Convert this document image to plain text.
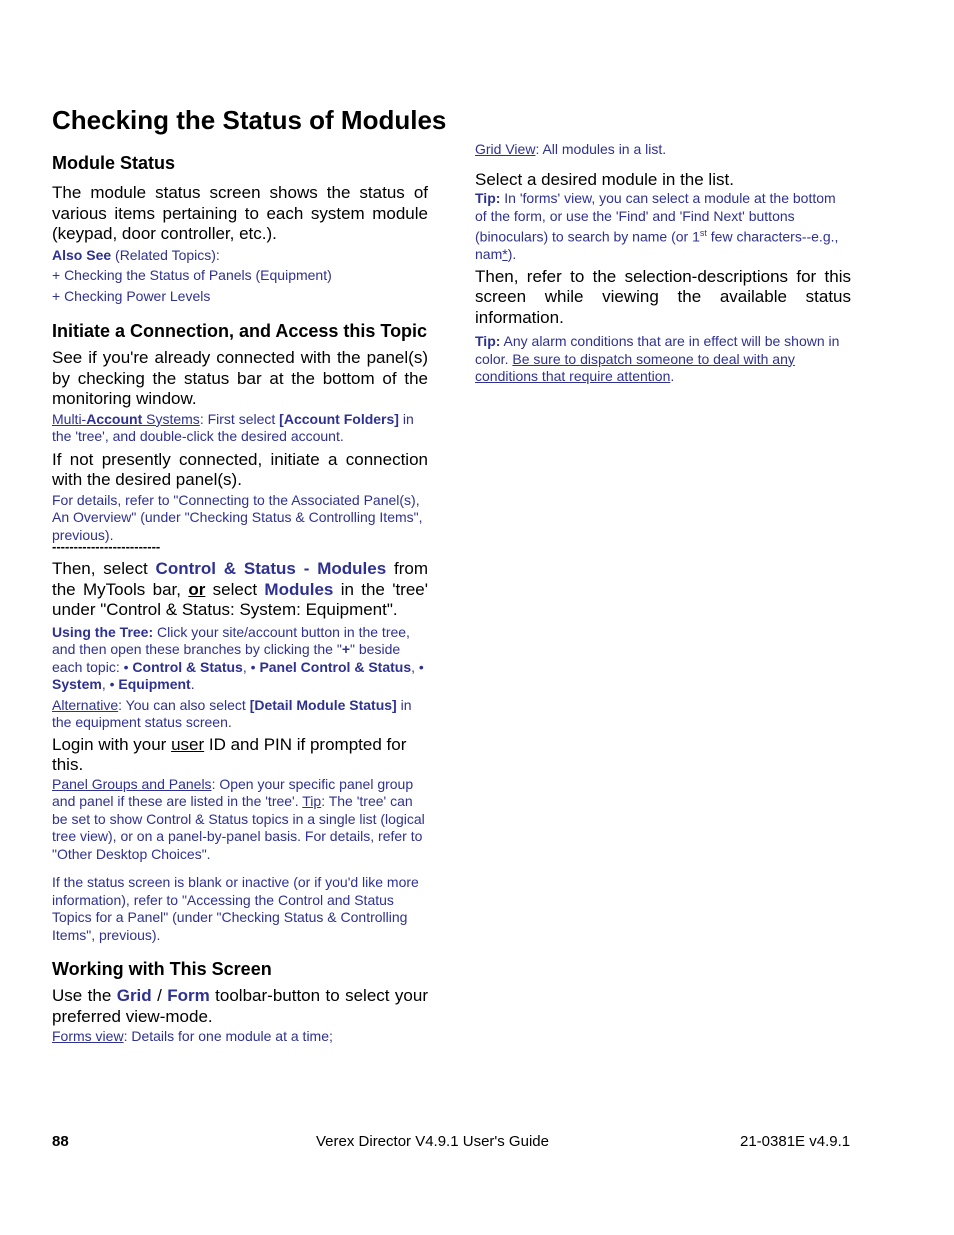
Checking the Status of Modules
Module Status

The module status screen shows the status of various items pertaining to each system module (keypad, door controller, etc.).

Also See (Related Topics):

+ Checking the Status of Panels (Equipment)

+ Checking Power Levels

Initiate a Connection, and Access this Topic

See if you're already connected with the panel(s) by checking the status bar at the bottom of the monitoring window.

Multi-Account Systems: First select [Account Folders] in the 'tree', and double-click the desired account.

If not presently connected, initiate a connection with the desired panel(s).

For details, refer to "Connecting to the Associated Panel(s), An Overview" (under "Checking Status & Controlling Items", previous).

-------------------------

Then, select Control & Status - Modules from the MyTools bar, or select Modules in the 'tree' under "Control & Status: System: Equipment".

Using the Tree: Click your site/account button in the tree, and then open these branches by clicking the "+" beside each topic: • Control & Status, • Panel Control & Status, • System, • Equipment.

Alternative: You can also select [Detail Module Status] in the equipment status screen.

Login with your user ID and PIN if prompted for this.

Panel Groups and Panels: Open your specific panel group and panel if these are listed in the 'tree'. Tip: The 'tree' can be set to show Control & Status topics in a single list (logical tree view), or on a panel-by-panel basis. For details, refer to "Other Desktop Choices".

If the status screen is blank or inactive (or if you'd like more information), refer to "Accessing the Control and Status Topics for a Panel" (under "Checking Status & Controlling Items", previous).

Working with This Screen

Use the Grid / Form toolbar-button to select your preferred view-mode.

Forms view: Details for one module at a time;

Grid View: All modules in a list.

Select a desired module in the list.

Tip: In 'forms' view, you can select a module at the bottom of the form, or use the 'Find' and 'Find Next' buttons (binoculars) to search by name (or 1st few characters--e.g., nam*).

Then, refer to the selection-descriptions for this screen while viewing the available status information.

Tip: Any alarm conditions that are in effect will be shown in color. Be sure to dispatch someone to deal with any conditions that require attention.

88	Verex Director V4.9.1 User's Guide	21-0381E v4.9.1
